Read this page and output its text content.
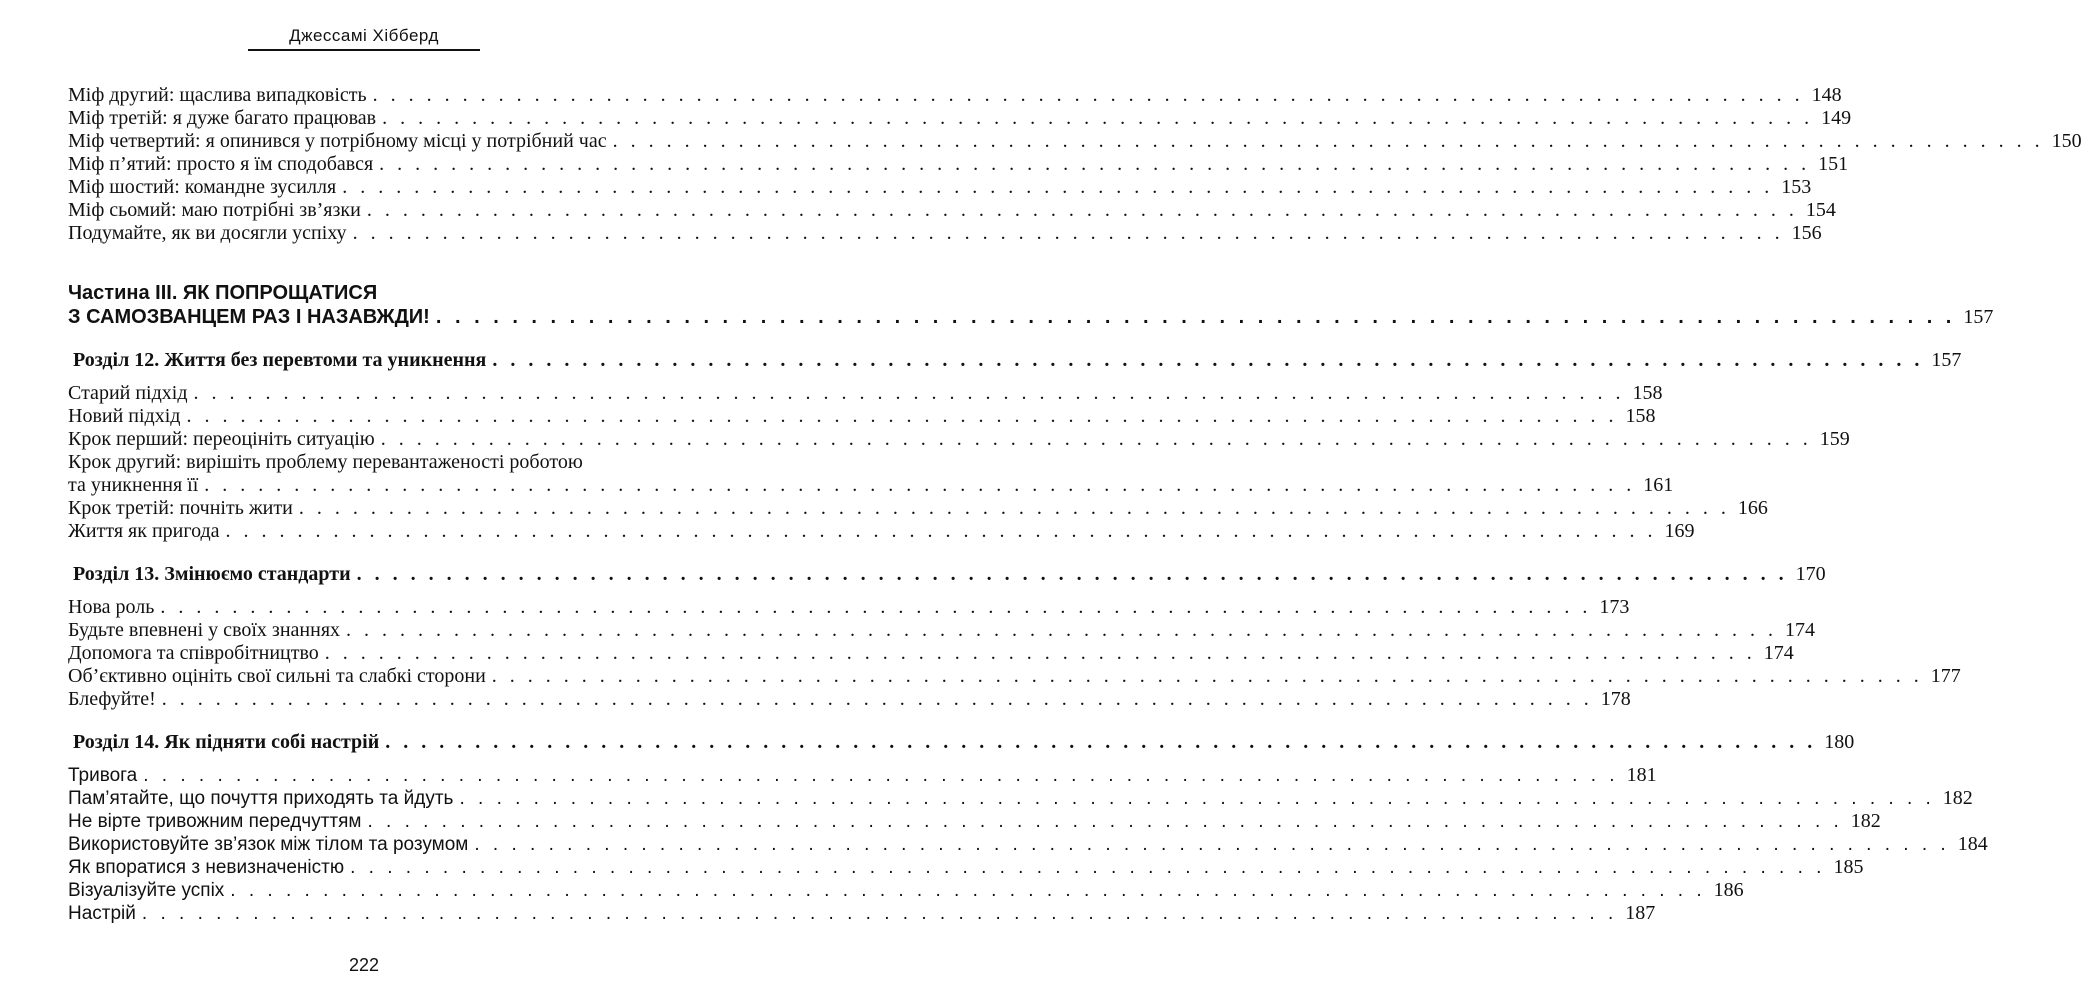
Джессамі Хібберд
Міф другий: щаслива випадковість . . . . . . . . . . . . . . . . . . . . . . . . . . . . . . . . . . . . . . . . . . . . . . . . . . . . . . . . . . . . . . . . . . . . . . . . . . . . . . . . 148
Міф третій: я дуже багато працював . . . . . . . . . . . . . . . . . . . . . . . . . . . . . . . . . . . . . . . . . . . . . . . . . . . . . . . . . . . . . . . . . . . . . . . . . . . . . . . . 149
Міф четвертий: я опинився у потрібному місці у потрібний час . . . . . . . . . . . . . . . . . . . . . . . . . . . . . . . . . . . . . . . . . . . . . . . . . . . . . . . . . . . . . . . . . . . . . . . . . . . . . . . . 150
Міф п’ятий: просто я їм сподобався . . . . . . . . . . . . . . . . . . . . . . . . . . . . . . . . . . . . . . . . . . . . . . . . . . . . . . . . . . . . . . . . . . . . . . . . . . . . . . . . 151
Міф шостий: командне зусилля . . . . . . . . . . . . . . . . . . . . . . . . . . . . . . . . . . . . . . . . . . . . . . . . . . . . . . . . . . . . . . . . . . . . . . . . . . . . . . . . 153
Міф сьомий: маю потрібні зв’язки . . . . . . . . . . . . . . . . . . . . . . . . . . . . . . . . . . . . . . . . . . . . . . . . . . . . . . . . . . . . . . . . . . . . . . . . . . . . . . . . 154
Подумайте, як ви досягли успіху . . . . . . . . . . . . . . . . . . . . . . . . . . . . . . . . . . . . . . . . . . . . . . . . . . . . . . . . . . . . . . . . . . . . . . . . . . . . . . . . 156
Частина III. ЯК ПОПРОЩАТИСЯ
З САМОЗВАНЦЕМ РАЗ І НАЗАВЖДИ! . . . . . . . . . . . . . . . . . . . . . . . . . . . . . . . . . . . . . . . . . . . . . . . . . . . . . . . . . . . . . . . . . . . . . . . . . . . . . . . . 157
Розділ 12. Життя без перевтоми та уникнення . . . . . . . . . . . . . . . . . . . . . . . . . . . . . . . . . . . . . . . . . . . . . . . . . . . . . . . . . . . . . . . . . . . . . . . . . . . . . . . . 157
Старий підхід . . . . . . . . . . . . . . . . . . . . . . . . . . . . . . . . . . . . . . . . . . . . . . . . . . . . . . . . . . . . . . . . . . . . . . . . . . . . . . . . 158
Новий підхід . . . . . . . . . . . . . . . . . . . . . . . . . . . . . . . . . . . . . . . . . . . . . . . . . . . . . . . . . . . . . . . . . . . . . . . . . . . . . . . . 158
Крок перший: переоцініть ситуацію . . . . . . . . . . . . . . . . . . . . . . . . . . . . . . . . . . . . . . . . . . . . . . . . . . . . . . . . . . . . . . . . . . . . . . . . . . . . . . . . 159
Крок другий: вирішіть проблему перевантаженості роботою
та уникнення її . . . . . . . . . . . . . . . . . . . . . . . . . . . . . . . . . . . . . . . . . . . . . . . . . . . . . . . . . . . . . . . . . . . . . . . . . . . . . . . . 161
Крок третій: почніть жити . . . . . . . . . . . . . . . . . . . . . . . . . . . . . . . . . . . . . . . . . . . . . . . . . . . . . . . . . . . . . . . . . . . . . . . . . . . . . . . . 166
Життя як пригода . . . . . . . . . . . . . . . . . . . . . . . . . . . . . . . . . . . . . . . . . . . . . . . . . . . . . . . . . . . . . . . . . . . . . . . . . . . . . . . . 169
Розділ 13. Змінюємо стандарти . . . . . . . . . . . . . . . . . . . . . . . . . . . . . . . . . . . . . . . . . . . . . . . . . . . . . . . . . . . . . . . . . . . . . . . . . . . . . . . . 170
Нова роль . . . . . . . . . . . . . . . . . . . . . . . . . . . . . . . . . . . . . . . . . . . . . . . . . . . . . . . . . . . . . . . . . . . . . . . . . . . . . . . . 173
Будьте впевнені у своїх знаннях . . . . . . . . . . . . . . . . . . . . . . . . . . . . . . . . . . . . . . . . . . . . . . . . . . . . . . . . . . . . . . . . . . . . . . . . . . . . . . . . 174
Допомога та співробітництво . . . . . . . . . . . . . . . . . . . . . . . . . . . . . . . . . . . . . . . . . . . . . . . . . . . . . . . . . . . . . . . . . . . . . . . . . . . . . . . . 174
Об’єктивно оцініть свої сильні та слабкі сторони . . . . . . . . . . . . . . . . . . . . . . . . . . . . . . . . . . . . . . . . . . . . . . . . . . . . . . . . . . . . . . . . . . . . . . . . . . . . . . . . 177
Блефуйте! . . . . . . . . . . . . . . . . . . . . . . . . . . . . . . . . . . . . . . . . . . . . . . . . . . . . . . . . . . . . . . . . . . . . . . . . . . . . . . . . 178
Розділ 14. Як підняти собі настрій . . . . . . . . . . . . . . . . . . . . . . . . . . . . . . . . . . . . . . . . . . . . . . . . . . . . . . . . . . . . . . . . . . . . . . . . . . . . . . . . 180
Тривога . . . . . . . . . . . . . . . . . . . . . . . . . . . . . . . . . . . . . . . . . . . . . . . . . . . . . . . . . . . . . . . . . . . . . . . . . . . . . . . . 181
Пам’ятайте, що почуття приходять та йдуть . . . . . . . . . . . . . . . . . . . . . . . . . . . . . . . . . . . . . . . . . . . . . . . . . . . . . . . . . . . . . . . . . . . . . . . . . . . . . . . . 182
Не вірте тривожним передчуттям . . . . . . . . . . . . . . . . . . . . . . . . . . . . . . . . . . . . . . . . . . . . . . . . . . . . . . . . . . . . . . . . . . . . . . . . . . . . . . . . 182
Використовуйте зв’язок між тілом та розумом . . . . . . . . . . . . . . . . . . . . . . . . . . . . . . . . . . . . . . . . . . . . . . . . . . . . . . . . . . . . . . . . . . . . . . . . . . . . . . . . 184
Як впоратися з невизначеністю . . . . . . . . . . . . . . . . . . . . . . . . . . . . . . . . . . . . . . . . . . . . . . . . . . . . . . . . . . . . . . . . . . . . . . . . . . . . . . . . 185
Візуалізуйте успіх . . . . . . . . . . . . . . . . . . . . . . . . . . . . . . . . . . . . . . . . . . . . . . . . . . . . . . . . . . . . . . . . . . . . . . . . . . . . . . . . 186
Настрій . . . . . . . . . . . . . . . . . . . . . . . . . . . . . . . . . . . . . . . . . . . . . . . . . . . . . . . . . . . . . . . . . . . . . . . . . . . . . . . . 187
222
